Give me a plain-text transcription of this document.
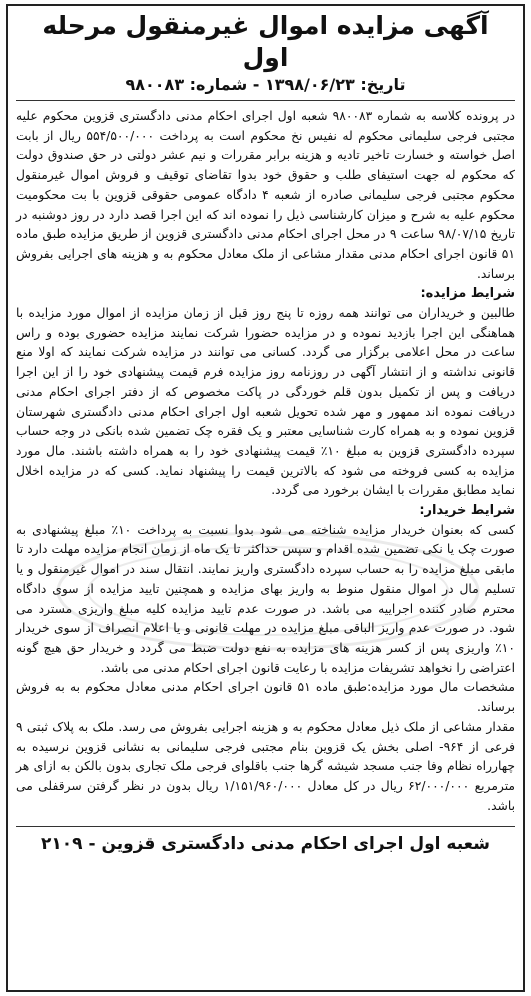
آگهی مزایده اموال غیرمنقول مرحله اول
تاریخ: ۱۳۹۸/۰۶/۲۳ - شماره: ۹۸۰۰۸۳

در پرونده کلاسه به شماره ۹۸۰۰۸۳ شعبه اول اجرای احکام مدنی دادگستری قزوین محکوم علیه مجتبی فرجی سلیمانی محکوم له نفیس نخ محکوم است به پرداخت ۵۵۴/۵۰۰/۰۰۰ ریال از بابت اصل خواسته و خسارت تاخیر تادیه و هزینه برابر مقررات و نیم عشر دولتی در حق صندوق دولت که محکوم له جهت استیفای طلب و حقوق خود بدوا تقاضای توقیف و فروش اموال غیرمنقول محکوم مجتبی فرجی سلیمانی صادره از شعبه ۴ دادگاه عمومی حقوقی قزوین با بت محکومیت محکوم علیه به شرح و میزان کارشناسی ذیل را نموده اند که این اجرا قصد دارد در روز دوشنبه در تاریخ ۹۸/۰۷/۱۵ ساعت ۹ در محل اجرای احکام مدنی دادگستری قزوین از طریق مزایده طبق ماده ۵۱ قانون اجرای احکام مدنی مقدار مشاعی از ملک معادل محکوم به و هزینه های اجرایی بفروش برساند.

شرایط مزایده:

طالبین و خریداران می توانند همه روزه تا پنج روز قبل از زمان مزایده از اموال مورد مزایده با هماهنگی این اجرا بازدید نموده و در مزایده حضورا شرکت نمایند مزایده حضوری بوده و راس ساعت در محل اعلامی برگزار می گردد. کسانی می توانند در مزایده شرکت نمایند که اولا منع قانونی نداشته و از انتشار آگهی در روزنامه روز مزایده فرم قیمت پیشنهادی خود را از این اجرا دریافت و پس از تکمیل بدون قلم خوردگی در پاکت مخصوص که از دفتر اجرای احکام مدنی دریافت نموده اند ممهور و مهر شده تحویل شعبه اول اجرای احکام مدنی دادگستری شهرستان قزوین نموده و به همراه کارت شناسایی معتبر و یک فقره چک تضمین شده بانکی در وجه حساب سپرده دادگستری قزوین به مبلغ ۱۰٪ قیمت پیشنهادی خود را به همراه داشته باشند. مال مورد مزایده به کسی فروخته می شود که بالاترین قیمت را پیشنهاد نماید. کسی که در مزایده اخلال نماید مطابق مقررات با ایشان برخورد می گردد.

شرایط خریدار:

کسی که بعنوان خریدار مزایده شناخته می شود بدوا نسبت به پرداخت ۱۰٪ مبلغ پیشنهادی به صورت چک یا نکی تضمین شده اقدام و سپس حداکثر تا یک ماه از زمان انجام مزایده مهلت دارد تا مابقی مبلغ مزایده را به حساب سپرده دادگستری واریز نمایند. انتقال سند در اموال غیرمنقول و یا تسلیم مال در اموال منقول منوط به واریز بهای مزایده و همچنین تایید مزایده از سوی دادگاه محترم صادر کننده اجراییه می باشد. در صورت عدم تایید مزایده کلیه مبلغ واریزی مسترد می شود. در صورت عدم واریز الباقی مبلغ مزایده در مهلت قانونی و یا اعلام انصراف از سوی خریدار ۱۰٪ واریزی پس از کسر هزینه های مزایده به نفع دولت ضبط می گردد و خریدار حق هیچ گونه اعتراضی را نخواهد تشریفات مزایده با رعایت قانون اجرای احکام مدنی می باشد.

مشخصات مال مورد مزایده:طبق ماده ۵۱ قانون اجرای احکام مدنی معادل محکوم به به فروش برساند.

مقدار مشاعی از ملک ذیل معادل محکوم به و هزینه اجرایی بفروش می رسد. ملک به پلاک ثبتی ۹ فرعی از ۹۶۴- اصلی بخش یک قزوین بنام مجتبی فرجی سلیمانی به نشانی قزوین نرسیده به چهارراه نظام وفا جنب مسجد شیشه گرها جنب باقلوای فرجی ملک تجاری بدون بالکن به ازای هر مترمربع ۶۲/۰۰۰/۰۰۰ ریال در کل معادل ۱/۱۵۱/۹۶۰/۰۰۰ ریال بدون در نظر گرفتن سرقفلی می باشد.

شعبه اول اجرای احکام مدنی دادگستری قزوین - ۲۱۰۹
